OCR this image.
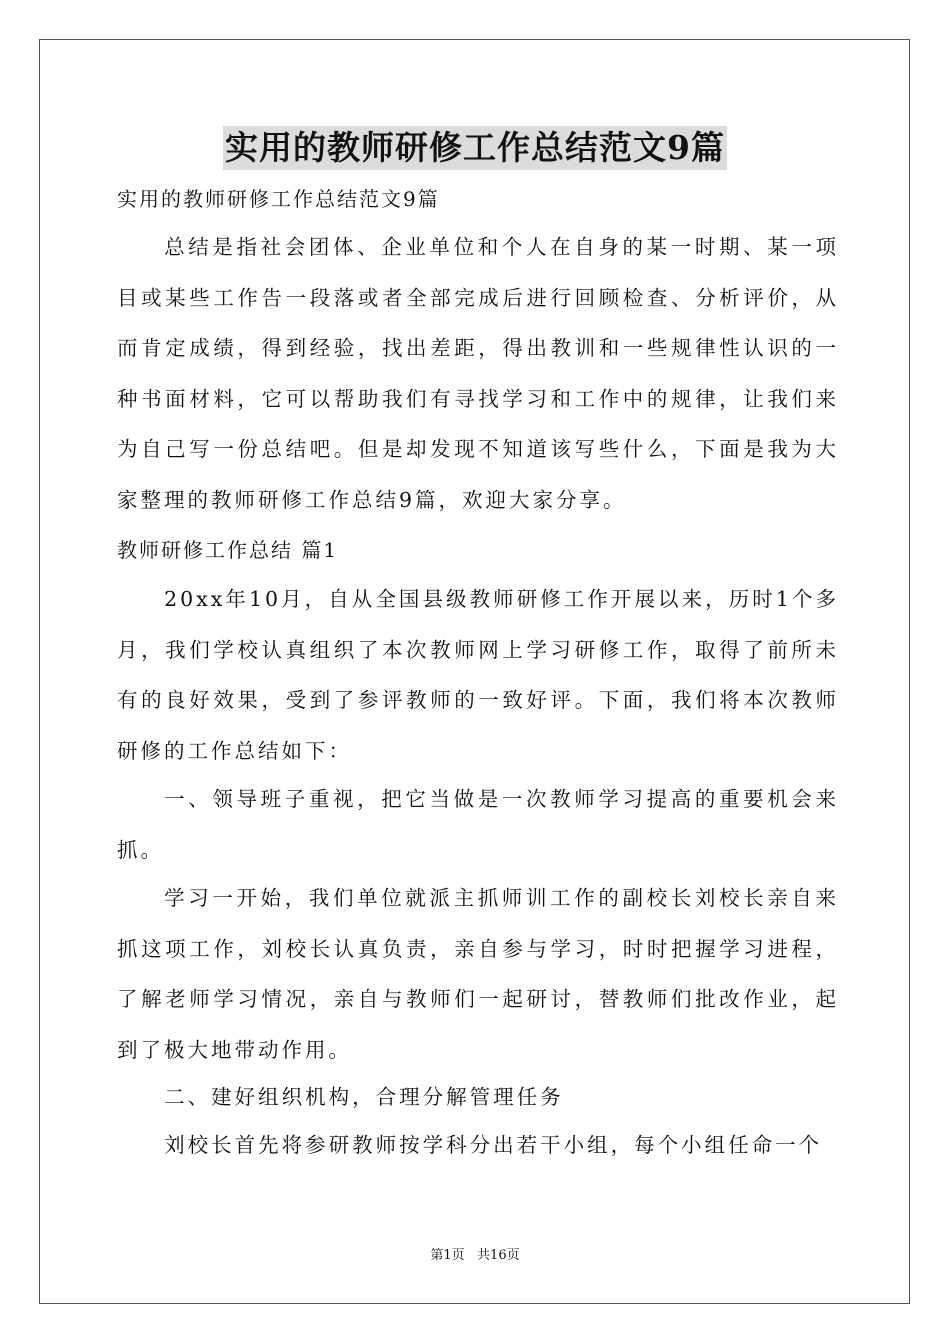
实用的教师研修工作总结范文9篇
实用的教师研修工作总结范文9篇

总结是指社会团体、企业单位和个人在自身的某一时期、某一项目或某些工作告一段落或者全部完成后进行回顾检查、分析评价，从而肯定成绩，得到经验，找出差距，得出教训和一些规律性认识的一种书面材料，它可以帮助我们有寻找学习和工作中的规律，让我们来为自己写一份总结吧。但是却发现不知道该写些什么，下面是我为大家整理的教师研修工作总结9篇，欢迎大家分享。

教师研修工作总结 篇1

20xx年10月，自从全国县级教师研修工作开展以来，历时1个多月，我们学校认真组织了本次教师网上学习研修工作，取得了前所未有的良好效果，受到了参评教师的一致好评。下面，我们将本次教师研修的工作总结如下：

一、领导班子重视，把它当做是一次教师学习提高的重要机会来抓。

学习一开始，我们单位就派主抓师训工作的副校长刘校长亲自来抓这项工作，刘校长认真负责，亲自参与学习，时时把握学习进程，了解老师学习情况，亲自与教师们一起研讨，替教师们批改作业，起到了极大地带动作用。

二、建好组织机构，合理分解管理任务

刘校长首先将参研教师按学科分出若干小组，每个小组任命一个

第1页   共16页
